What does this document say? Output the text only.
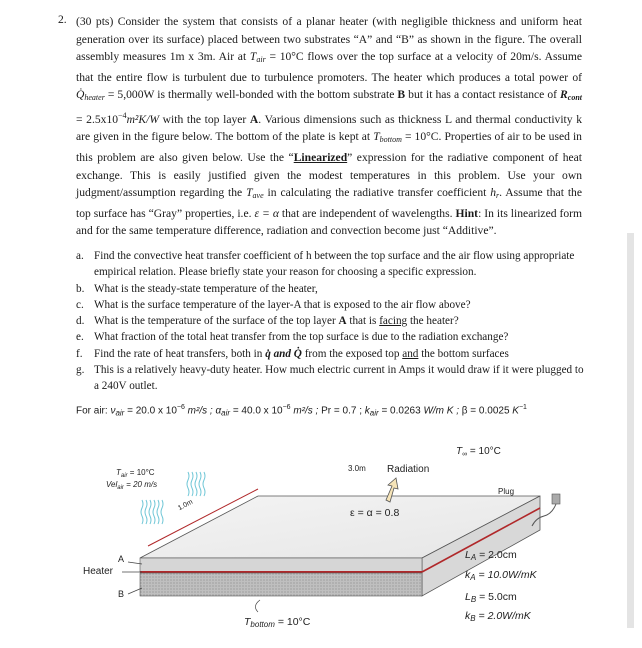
2. (30 pts) Consider the system that consists of a planar heater (with negligible thickness and uniform heat generation over its surface) placed between two substrates “A” and “B” as shown in the figure. The overall assembly measures 1m x 3m. Air at $T_{air} = 10^\circ C$ flows over the top surface at a velocity of 20m/s. Assume that the entire flow is turbulent due to turbulence promoters. The heater which produces a total power of $Q̇_{heater} = 5,000W$ is thermally well-bonded with the bottom substrate B but it has a contact resistance of $R_{cont} = 2.5x10^{-4}m^2K/W$ with the top layer A. Various dimensions such as thickness L and thermal conductivity k are given in the figure below. The bottom of the plate is kept at $T_{bottom} = 10^\circ C$. Properties of air to be used in this problem are also given below. Use the “Linearized” expression for the radiative component of heat exchange. This is easily justified given the modest temperatures in this problem. Use your own judgment/assumption regarding the $T_{ave}$ in calculating the radiative transfer coefficient $h_r$. Assume that the top surface has “Gray” properties, i.e. ε = α that are independent of wavelengths. Hint: In its linearized form and for the same temperature difference, radiation and convection become just “Additive”.
a. Find the convective heat transfer coefficient of h between the top surface and the air flow using appropriate empirical relation. Please briefly state your reason for choosing a specific expression.
b. What is the steady-state temperature of the heater,
c. What is the surface temperature of the layer-A that is exposed to the air flow above?
d. What is the temperature of the surface of the top layer A that is facing the heater?
e. What fraction of the total heat transfer from the top surface is due to the radiation exchange?
f. Find the rate of heat transfers, both in q̇ and Q̇ from the exposed top and the bottom surfaces
g. This is a relatively heavy-duty heater. How much electric current in Amps it would draw if it were plugged to a 240V outlet.
For air: $\nu_{air} = 20.0$ x $10^{-6}$ m²/s ; $\alpha_{air} = 40.0$ x $10^{-6}$ m²/s ; Pr = 0.7 ; $k_{air} = 0.0263$ W/m K ; β = 0.0025 $K^{-1}$
$T_\infty = 10^\circ C$
3.0m Radiation
Plug
ε = α = 0.8
$T_{air} = 10^\circ C$
Vel$_{air}$ = 20 m/s
1.0m
A
Heater
B
Tbottom = 10°C
LA = 2.0cm
kA = 10.0W/mK
LB = 5.0cm
kB = 2.0W/mK
